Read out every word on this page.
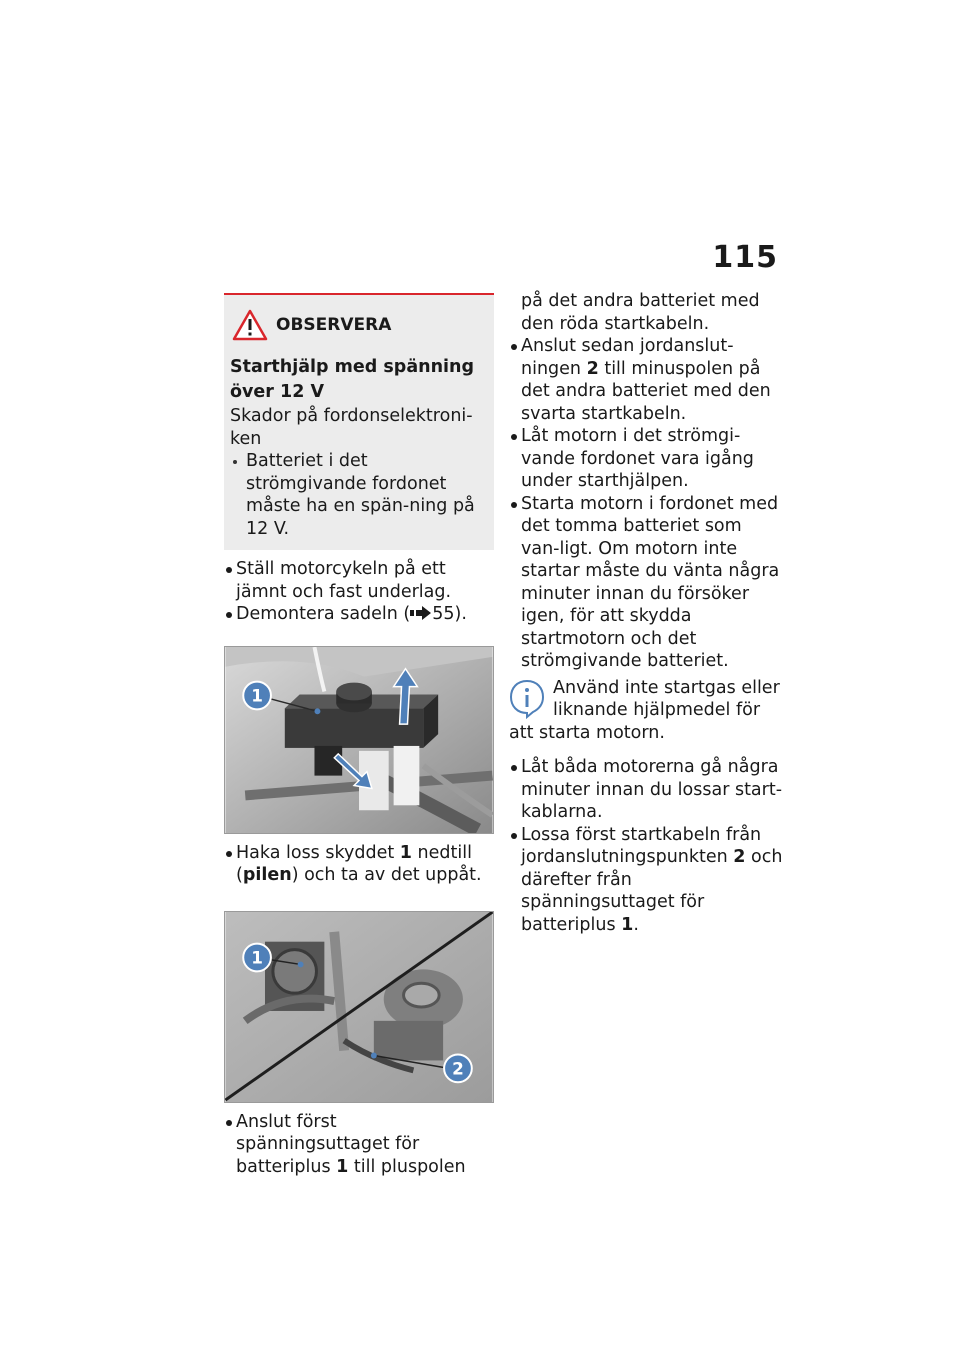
115
OBSERVERA
Starthjälp med spänning över 12 V
Skador på fordonselektroni-ken
Batteriet i det strömgivande fordonet måste ha en spän-ning på 12 V.
Ställ motorcykeln på ett jämnt och fast underlag.
Demontera sadeln ( 55).
1
Haka loss skyddet 1 nedtill (pilen) och ta av det uppåt.
1
2
Anslut först spänningsuttaget för batteriplus 1 till pluspolen
på det andra batteriet med den röda startkabeln.
Anslut sedan jordanslut-ningen 2 till minuspolen på det andra batteriet med den svarta startkabeln.
Låt motorn i det strömgi-vande fordonet vara igång under starthjälpen.
Starta motorn i fordonet med det tomma batteriet som van-ligt. Om motorn inte startar måste du vänta några minuter innan du försöker igen, för att skydda startmotorn och det strömgivande batteriet.
Använd inte startgas eller liknande hjälpmedel för att starta motorn.
Låt båda motorerna gå några minuter innan du lossar start-kablarna.
Lossa först startkabeln från jordanslutningspunkten 2 och därefter från spänningsuttaget för batteriplus 1.
